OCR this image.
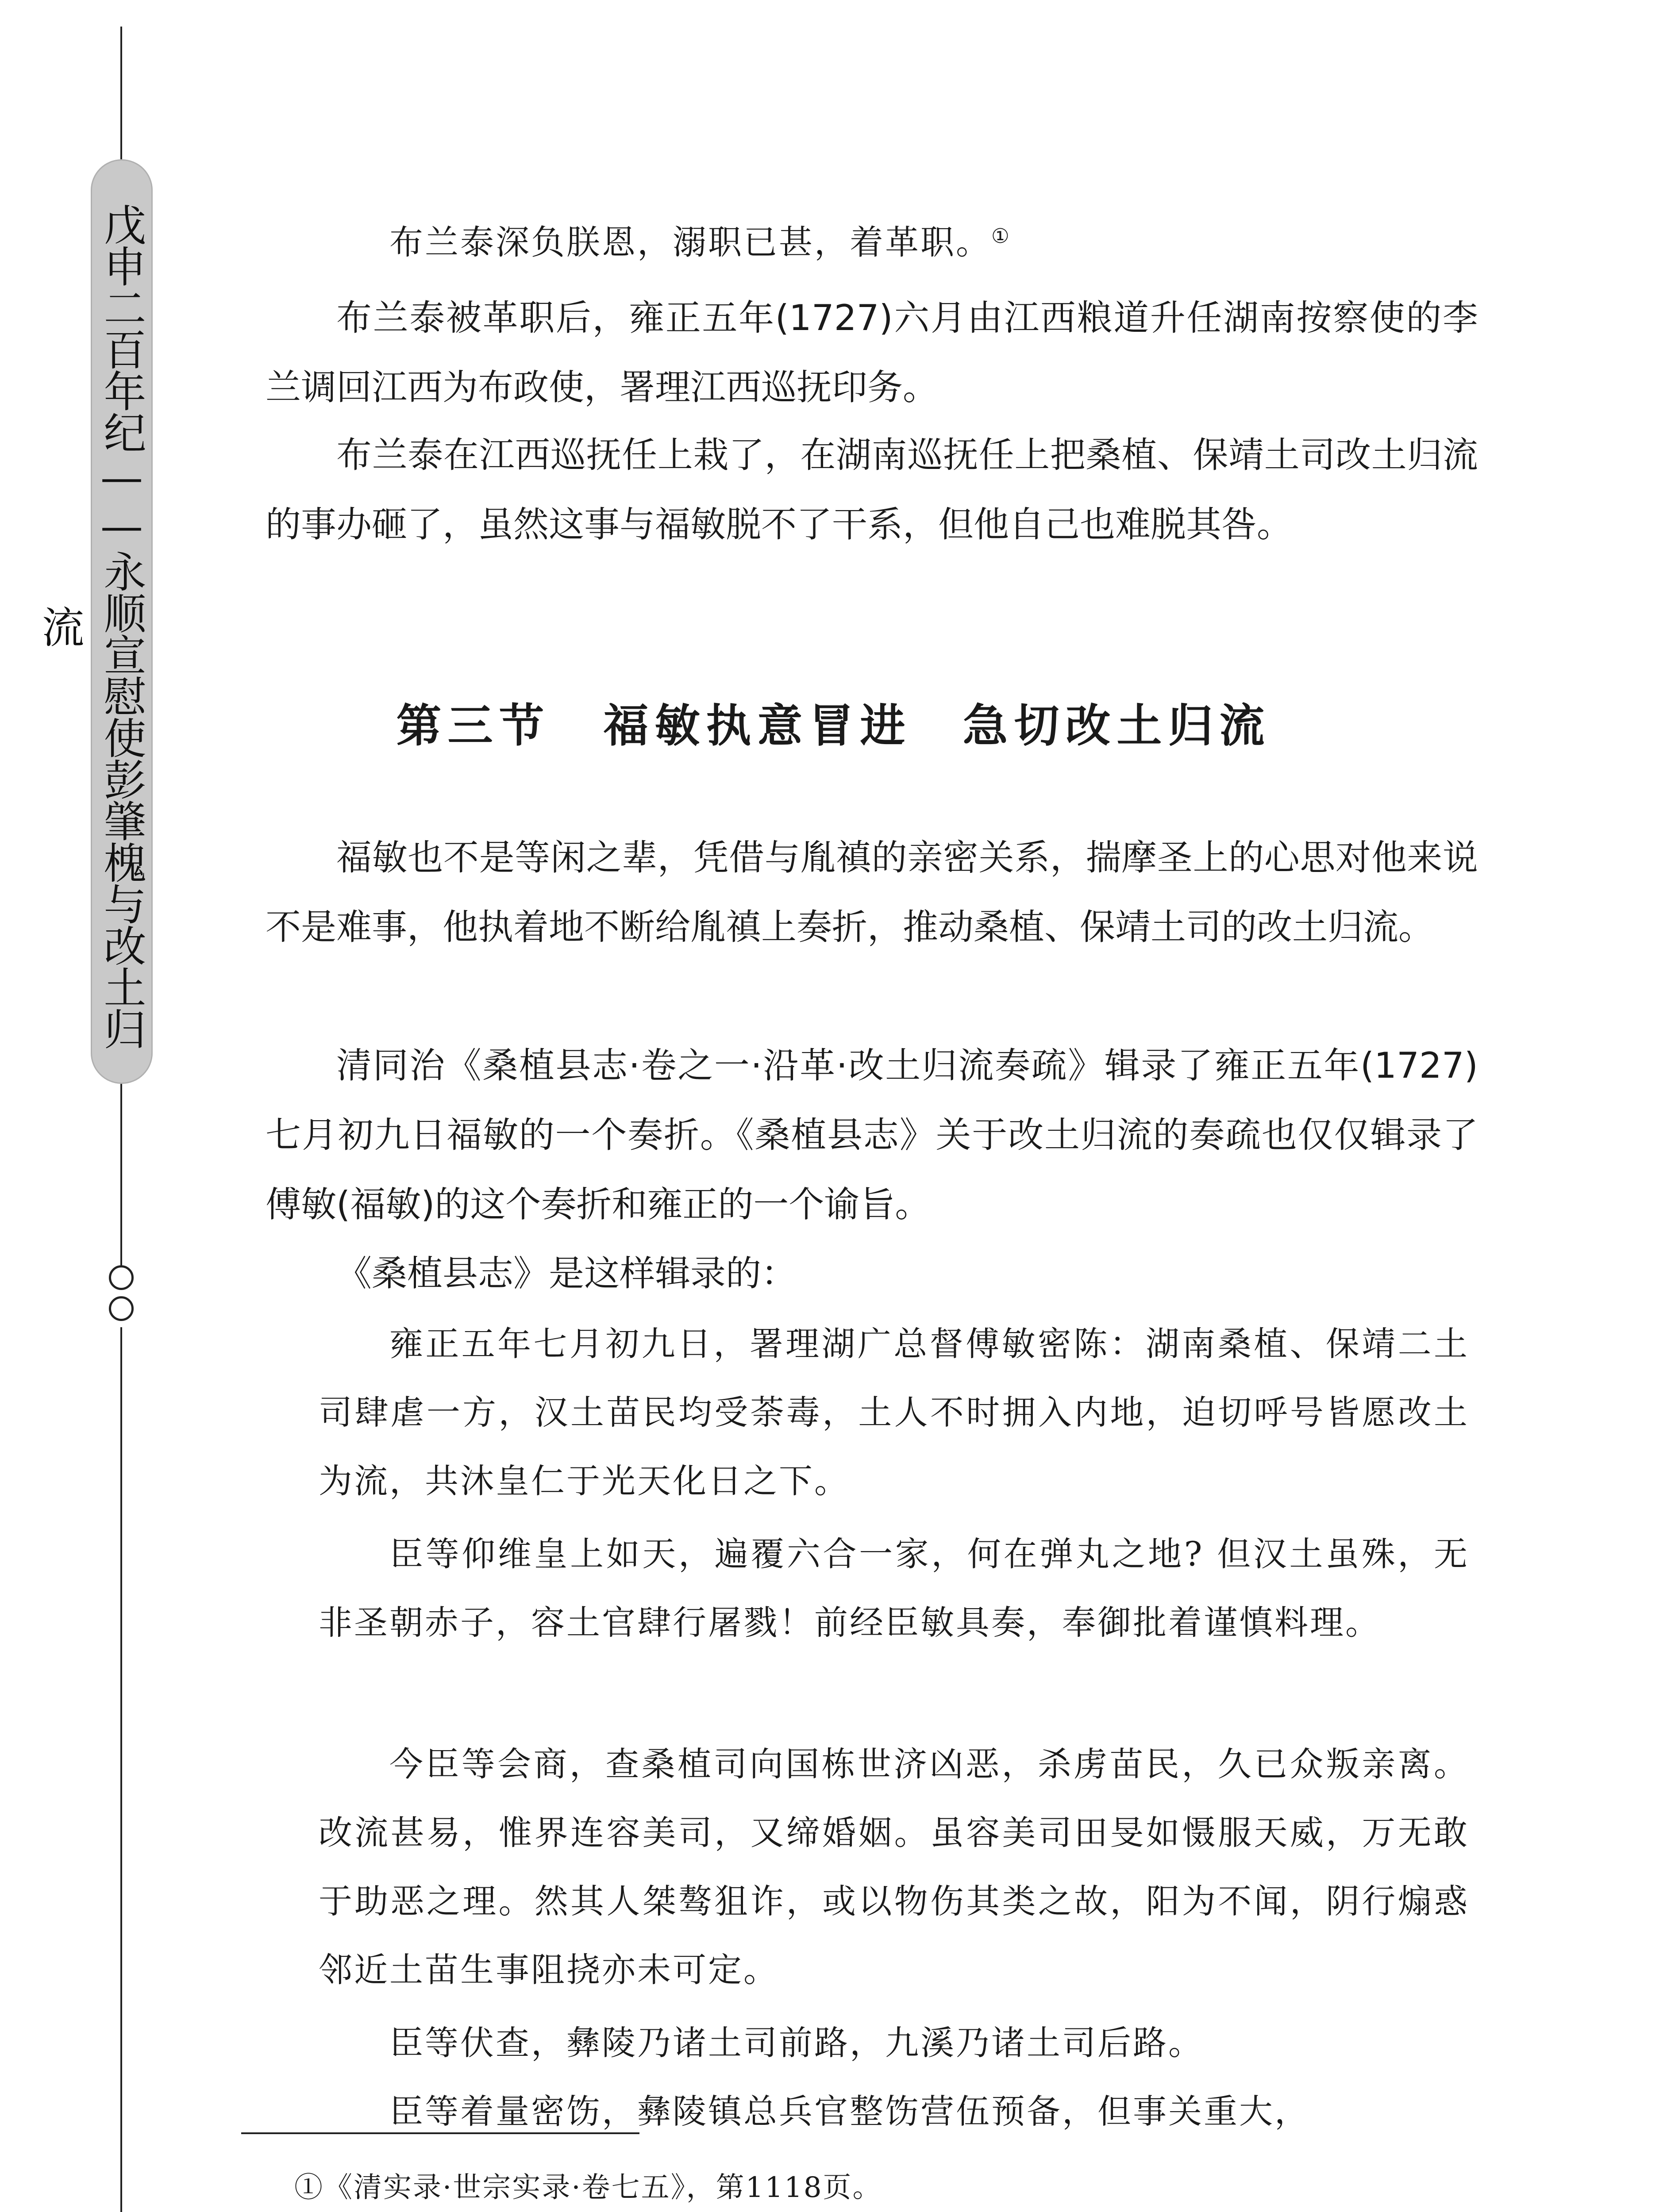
戊申二百年纪——永顺宣慰使彭肇槐与改土归流

布兰泰深负朕恩，溺职已甚，着革职。①

布兰泰被革职后，雍正五年(1727)六月由江西粮道升任湖南按察使的李兰调回江西为布政使，署理江西巡抚印务。

布兰泰在江西巡抚任上栽了，在湖南巡抚任上把桑植、保靖土司改土归流的事办砸了，虽然这事与福敏脱不了干系，但他自己也难脱其咎。

第三节 福敏执意冒进　急切改土归流

福敏也不是等闲之辈，凭借与胤禛的亲密关系，揣摩圣上的心思对他来说不是难事，他执着地不断给胤禛上奏折，推动桑植、保靖土司的改土归流。

清同治《桑植县志·卷之一·沿革·改土归流奏疏》辑录了雍正五年(1727)七月初九日福敏的一个奏折。《桑植县志》关于改土归流的奏疏也仅仅辑录了傅敏(福敏)的这个奏折和雍正的一个谕旨。

《桑植县志》是这样辑录的：

雍正五年七月初九日，署理湖广总督傅敏密陈：湖南桑植、保靖二土司肆虐一方，汉土苗民均受荼毒，土人不时拥入内地，迫切呼号皆愿改土为流，共沐皇仁于光天化日之下。

臣等仰维皇上如天，遍覆六合一家，何在弹丸之地? 但汉土虽殊，无非圣朝赤子，容土官肆行屠戮！前经臣敏具奏，奉御批着谨慎料理。

今臣等会商，查桑植司向国栋世济凶恶，杀虏苗民，久已众叛亲离。改流甚易，惟界连容美司，又缔婚姻。虽容美司田旻如慑服天威，万无敢于助恶之理。然其人桀骜狙诈，或以物伤其类之故，阳为不闻，阴行煽惑邻近土苗生事阻挠亦未可定。

臣等伏查，彝陵乃诸土司前路，九溪乃诸土司后路。

臣等着量密饬，彝陵镇总兵官整饬营伍预备，但事关重大，

①《清实录·世宗实录·卷七五》，第1118页。
